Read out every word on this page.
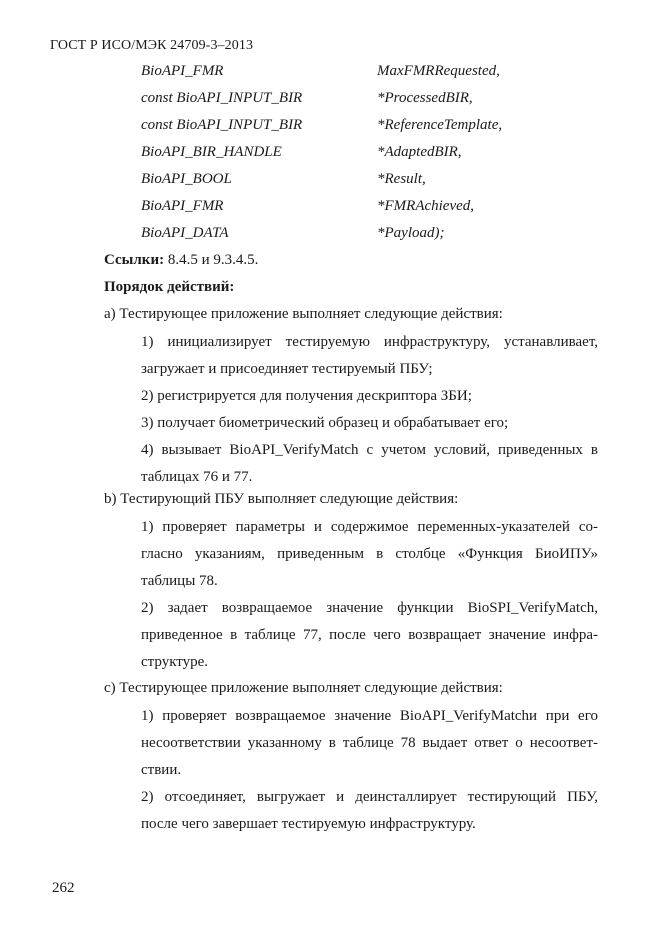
ГОСТ Р ИСО/МЭК 24709-3–2013
BioAPI_FMR	MaxFMRRequested,
const BioAPI_INPUT_BIR	*ProcessedBIR,
const BioAPI_INPUT_BIR	*ReferenceTemplate,
BioAPI_BIR_HANDLE	*AdaptedBIR,
BioAPI_BOOL	*Result,
BioAPI_FMR	*FMRAchieved,
BioAPI_DATA	*Payload);
Ссылки: 8.4.5 и 9.3.4.5.
Порядок действий:
a) Тестирующее приложение выполняет следующие действия:
1) инициализирует тестируемую инфраструктуру, устанавливает,
загружает и присоединяет тестируемый ПБУ;
2) регистрируется для получения дескриптора ЗБИ;
3) получает биометрический образец и обрабатывает его;
4) вызывает BioAPI_VerifyMatch с учетом условий, приведенных в
таблицах 76 и 77.
b) Тестирующий ПБУ выполняет следующие действия:
1) проверяет параметры и содержимое переменных-указателей со-
гласно указаниям, приведенным в столбце «Функция БиоИПУ»
таблицы 78.
2) задает возвращаемое значение функции BioSPI_VerifyMatch,
приведенное в таблице 77, после чего возвращает значение инфра-
структуре.
c) Тестирующее приложение выполняет следующие действия:
1) проверяет возвращаемое значение BioAPI_VerifyMatchи при его
несоответствии указанному в таблице 78 выдает ответ о несоответ-
ствии.
2) отсоединяет, выгружает и деинсталлирует тестирующий ПБУ,
после чего завершает тестируемую инфраструктуру.
262
